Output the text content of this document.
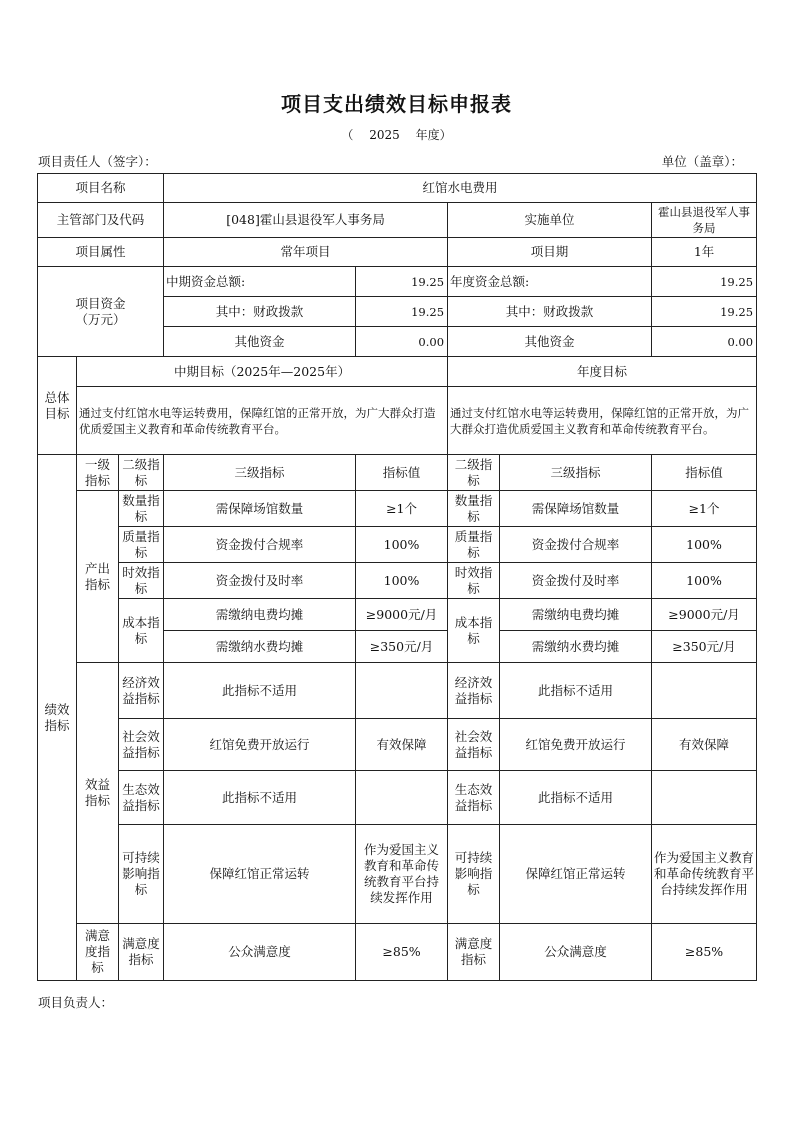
项目支出绩效目标申报表
（ 2025 年度）
项目责任人（签字）：	单位（盖章）：
项目名称			红馆水电费用				
主管部门及代码			[048]霍山县退役军人事务局		实施单位		霍山县退役军人事务局
项目属性			常年项目		项目期		1年

项目资金
（万元）			中期资金总额:	19.25	年度资金总额:		19.25
			其中：财政拨款	19.25	其中：财政拨款		19.25
			其他资金	0.00	其他资金		0.00
总体目标	中期目标（2025年—2025年）				年度目标		
	通过支付红馆水电等运转费用，保障红馆的正常开放，为广大群众打造优质爱国主义教育和革命传统教育平台。				通过支付红馆水电等运转费用，保障红馆的正常开放，为广大群众打造优质爱国主义教育和革命传统教育平台。		
绩效指标	一级指标	二级指标	三级指标	指标值	二级指标	三级指标	指标值
	产出指标	数量指标	需保障场馆数量	≥1个	数量指标	需保障场馆数量	≥1个
		质量指标	资金拨付合规率	100%	质量指标	资金拨付合规率	100%
		时效指标	资金拨付及时率	100%	时效指标	资金拨付及时率	100%
		成本指标	需缴纳电费均摊	≥9000元/月	成本指标	需缴纳电费均摊	≥9000元/月
			需缴纳水费均摊	≥350元/月		需缴纳水费均摊	≥350元/月
	效益指标	经济效益指标	此指标不适用		经济效益指标	此指标不适用	
		社会效益指标	红馆免费开放运行	有效保障	社会效益指标	红馆免费开放运行	有效保障
		生态效益指标	此指标不适用		生态效益指标	此指标不适用	
		可持续影响指标	保障红馆正常运转	作为爱国主义教育和革命传统教育平台持续发挥作用	可持续影响指标	保障红馆正常运转	作为爱国主义教育和革命传统教育平台持续发挥作用
	满意度指标	满意度指标	公众满意度	≥85%	满意度指标	公众满意度	≥85%
项目负责人：
